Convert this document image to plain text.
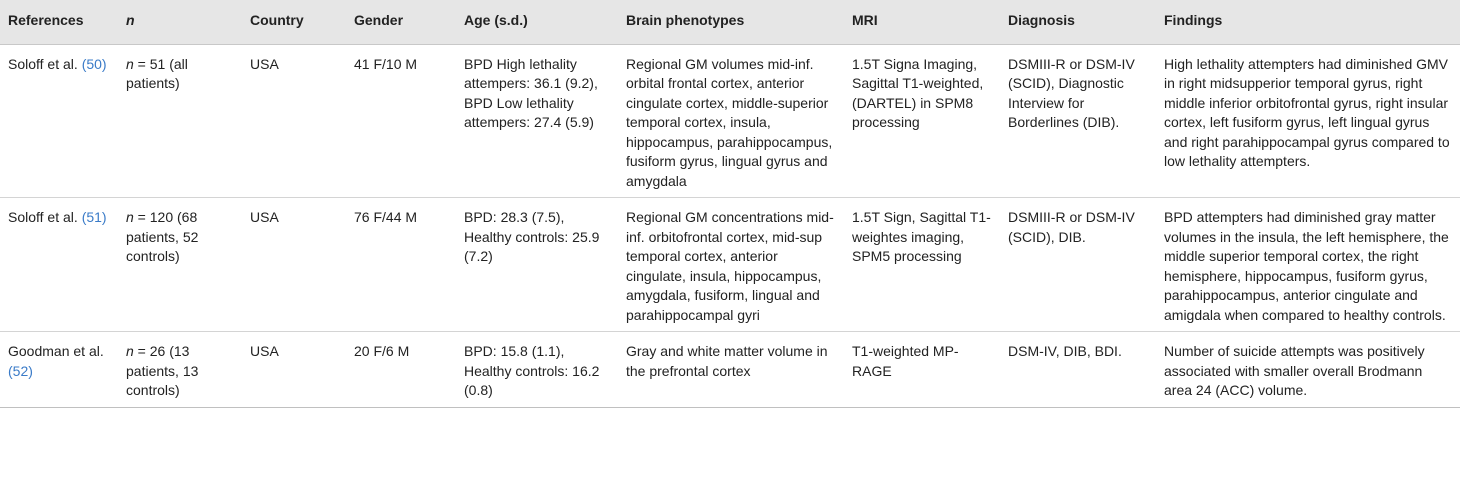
References	n	Country	Gender	Age (s.d.)	Brain phenotypes	MRI	Diagnosis	Findings
Soloff et al. (50)	n = 51 (all patients)	USA	41 F/10 M	BPD High lethality attempers: 36.1 (9.2), BPD Low lethality attempers: 27.4 (5.9)	Regional GM volumes mid-inf. orbital frontal cortex, anterior cingulate cortex, middle-superior temporal cortex, insula, hippocampus, parahippocampus, fusiform gyrus, lingual gyrus and amygdala	1.5T Signa Imaging, Sagittal T1-weighted, (DARTEL) in SPM8 processing	DSMIII-R or DSM-IV (SCID), Diagnostic Interview for Borderlines (DIB).	High lethality attempters had diminished GMV in right midsupperior temporal gyrus, right middle inferior orbitofrontal gyrus, right insular cortex, left fusiform gyrus, left lingual gyrus and right parahippocampal gyrus compared to low lethality attempters.
Soloff et al. (51)	n = 120 (68 patients, 52 controls)	USA	76 F/44 M	BPD: 28.3 (7.5), Healthy controls: 25.9 (7.2)	Regional GM concentrations mid-inf. orbitofrontal cortex, mid-sup temporal cortex, anterior cingulate, insula, hippocampus, amygdala, fusiform, lingual and parahippocampal gyri	1.5T Sign, Sagittal T1-weightes imaging, SPM5 processing	DSMIII-R or DSM-IV (SCID), DIB.	BPD attempters had diminished gray matter volumes in the insula, the left hemisphere, the middle superior temporal cortex, the right hemisphere, hippocampus, fusiform gyrus, parahippocampus, anterior cingulate and amigdala when compared to healthy controls.
Goodman et al. (52)	n = 26 (13 patients, 13 controls)	USA	20 F/6 M	BPD: 15.8 (1.1), Healthy controls: 16.2 (0.8)	Gray and white matter volume in the prefrontal cortex	T1-weighted MP-RAGE	DSM-IV, DIB, BDI.	Number of suicide attempts was positively associated with smaller overall Brodmann area 24 (ACC) volume.
